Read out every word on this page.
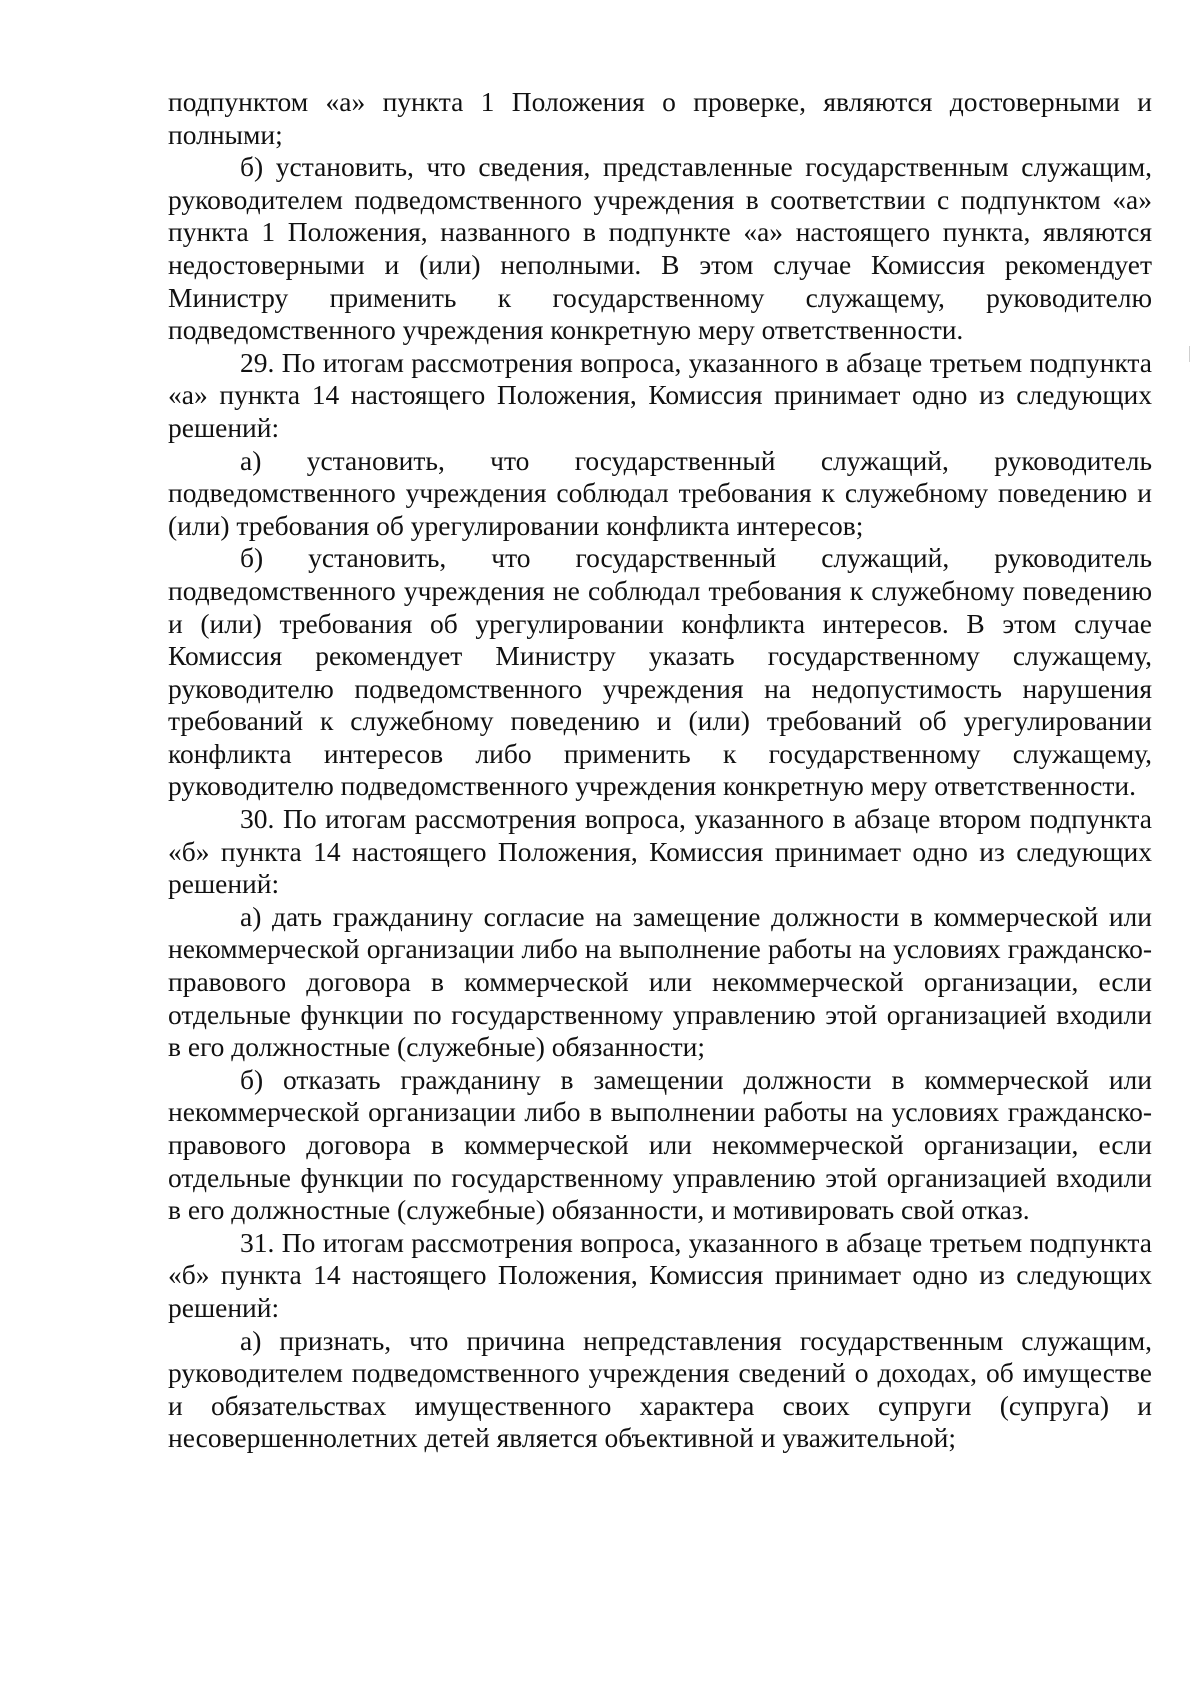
подпунктом «а» пункта 1 Положения о проверке, являются достоверными и полными;

б) установить, что сведения, представленные государственным служащим, руководителем подведомственного учреждения в соответствии с подпунктом «а» пункта 1 Положения, названного в подпункте «а» настоящего пункта, являются недостоверными и (или) неполными. В этом случае Комиссия рекомендует Министру применить к государственному служащему, руководителю подведомственного учреждения конкретную меру ответственности.

29. По итогам рассмотрения вопроса, указанного в абзаце третьем подпункта «а» пункта 14 настоящего Положения, Комиссия принимает одно из следующих решений:

а) установить, что государственный служащий, руководитель подведомственного учреждения соблюдал требования к служебному поведению и (или) требования об урегулировании конфликта интересов;

б) установить, что государственный служащий, руководитель подведомственного учреждения не соблюдал требования к служебному поведению и (или) требования об урегулировании конфликта интересов. В этом случае Комиссия рекомендует Министру указать государственному служащему, руководителю подведомственного учреждения на недопустимость нарушения требований к служебному поведению и (или) требований об урегулировании конфликта интересов либо применить к государственному служащему, руководителю подведомственного учреждения конкретную меру ответственности.

30. По итогам рассмотрения вопроса, указанного в абзаце втором подпункта «б» пункта 14 настоящего Положения, Комиссия принимает одно из следующих решений:

а) дать гражданину согласие на замещение должности в коммерческой или некоммерческой организации либо на выполнение работы на условиях гражданско-правового договора в коммерческой или некоммерческой организации, если отдельные функции по государственному управлению этой организацией входили в его должностные (служебные) обязанности;

б) отказать гражданину в замещении должности в коммерческой или некоммерческой организации либо в выполнении работы на условиях гражданско-правового договора в коммерческой или некоммерческой организации, если отдельные функции по государственному управлению этой организацией входили в его должностные (служебные) обязанности, и мотивировать свой отказ.

31. По итогам рассмотрения вопроса, указанного в абзаце третьем подпункта «б» пункта 14 настоящего Положения, Комиссия принимает одно из следующих решений:

а) признать, что причина непредставления государственным служащим, руководителем подведомственного учреждения сведений о доходах, об имуществе и обязательствах имущественного характера своих супруги (супруга) и несовершеннолетних детей является объективной и уважительной;
